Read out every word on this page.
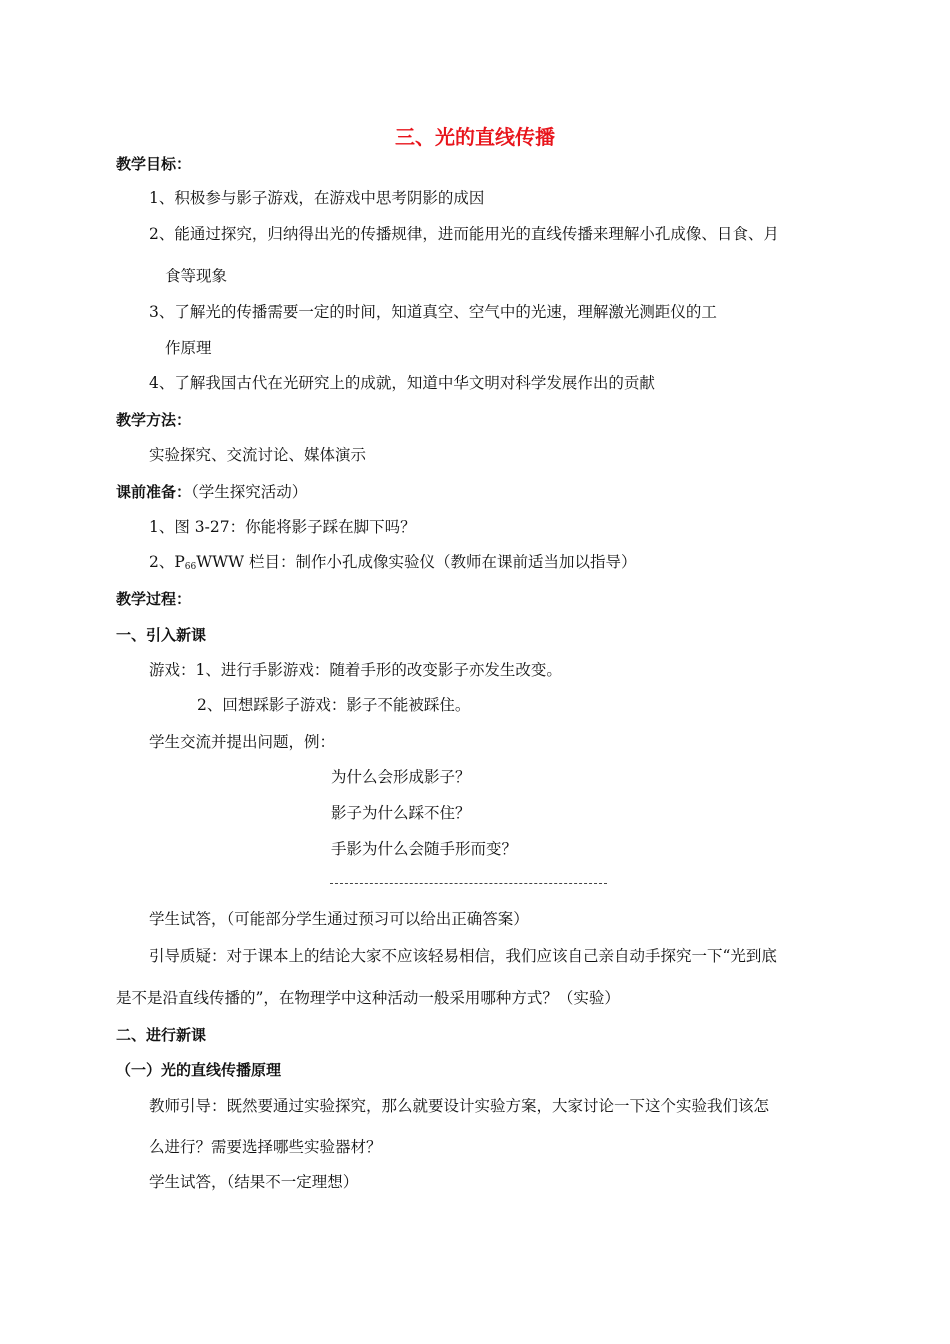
三、光的直线传播
教学目标：
1、积极参与影子游戏，在游戏中思考阴影的成因
2、能通过探究，归纳得出光的传播规律，进而能用光的直线传播来理解小孔成像、日食、月
食等现象
3、了解光的传播需要一定的时间，知道真空、空气中的光速，理解激光测距仪的工
作原理
4、了解我国古代在光研究上的成就，知道中华文明对科学发展作出的贡献
教学方法：
实验探究、交流讨论、媒体演示
课前准备：（学生探究活动）
1、图 3-27：你能将影子踩在脚下吗？
2、$P_{66}WWW$ 栏目：制作小孔成像实验仪（教师在课前适当加以指导）
教学过程：
一、引入新课
游戏：1、进行手影游戏：随着手形的改变影子亦发生改变。
2、回想踩影子游戏：影子不能被踩住。
学生交流并提出问题，例：
为什么会形成影子？
影子为什么踩不住？
手影为什么会随手形而变？
学生试答，（可能部分学生通过预习可以给出正确答案）
引导质疑：对于课本上的结论大家不应该轻易相信，我们应该自己亲自动手探究一下“光到底
是不是沿直线传播的”，在物理学中这种活动一般采用哪种方式？（实验）
二、进行新课
（一）光的直线传播原理
教师引导：既然要通过实验探究，那么就要设计实验方案，大家讨论一下这个实验我们该怎
么进行？需要选择哪些实验器材？
学生试答，（结果不一定理想）
